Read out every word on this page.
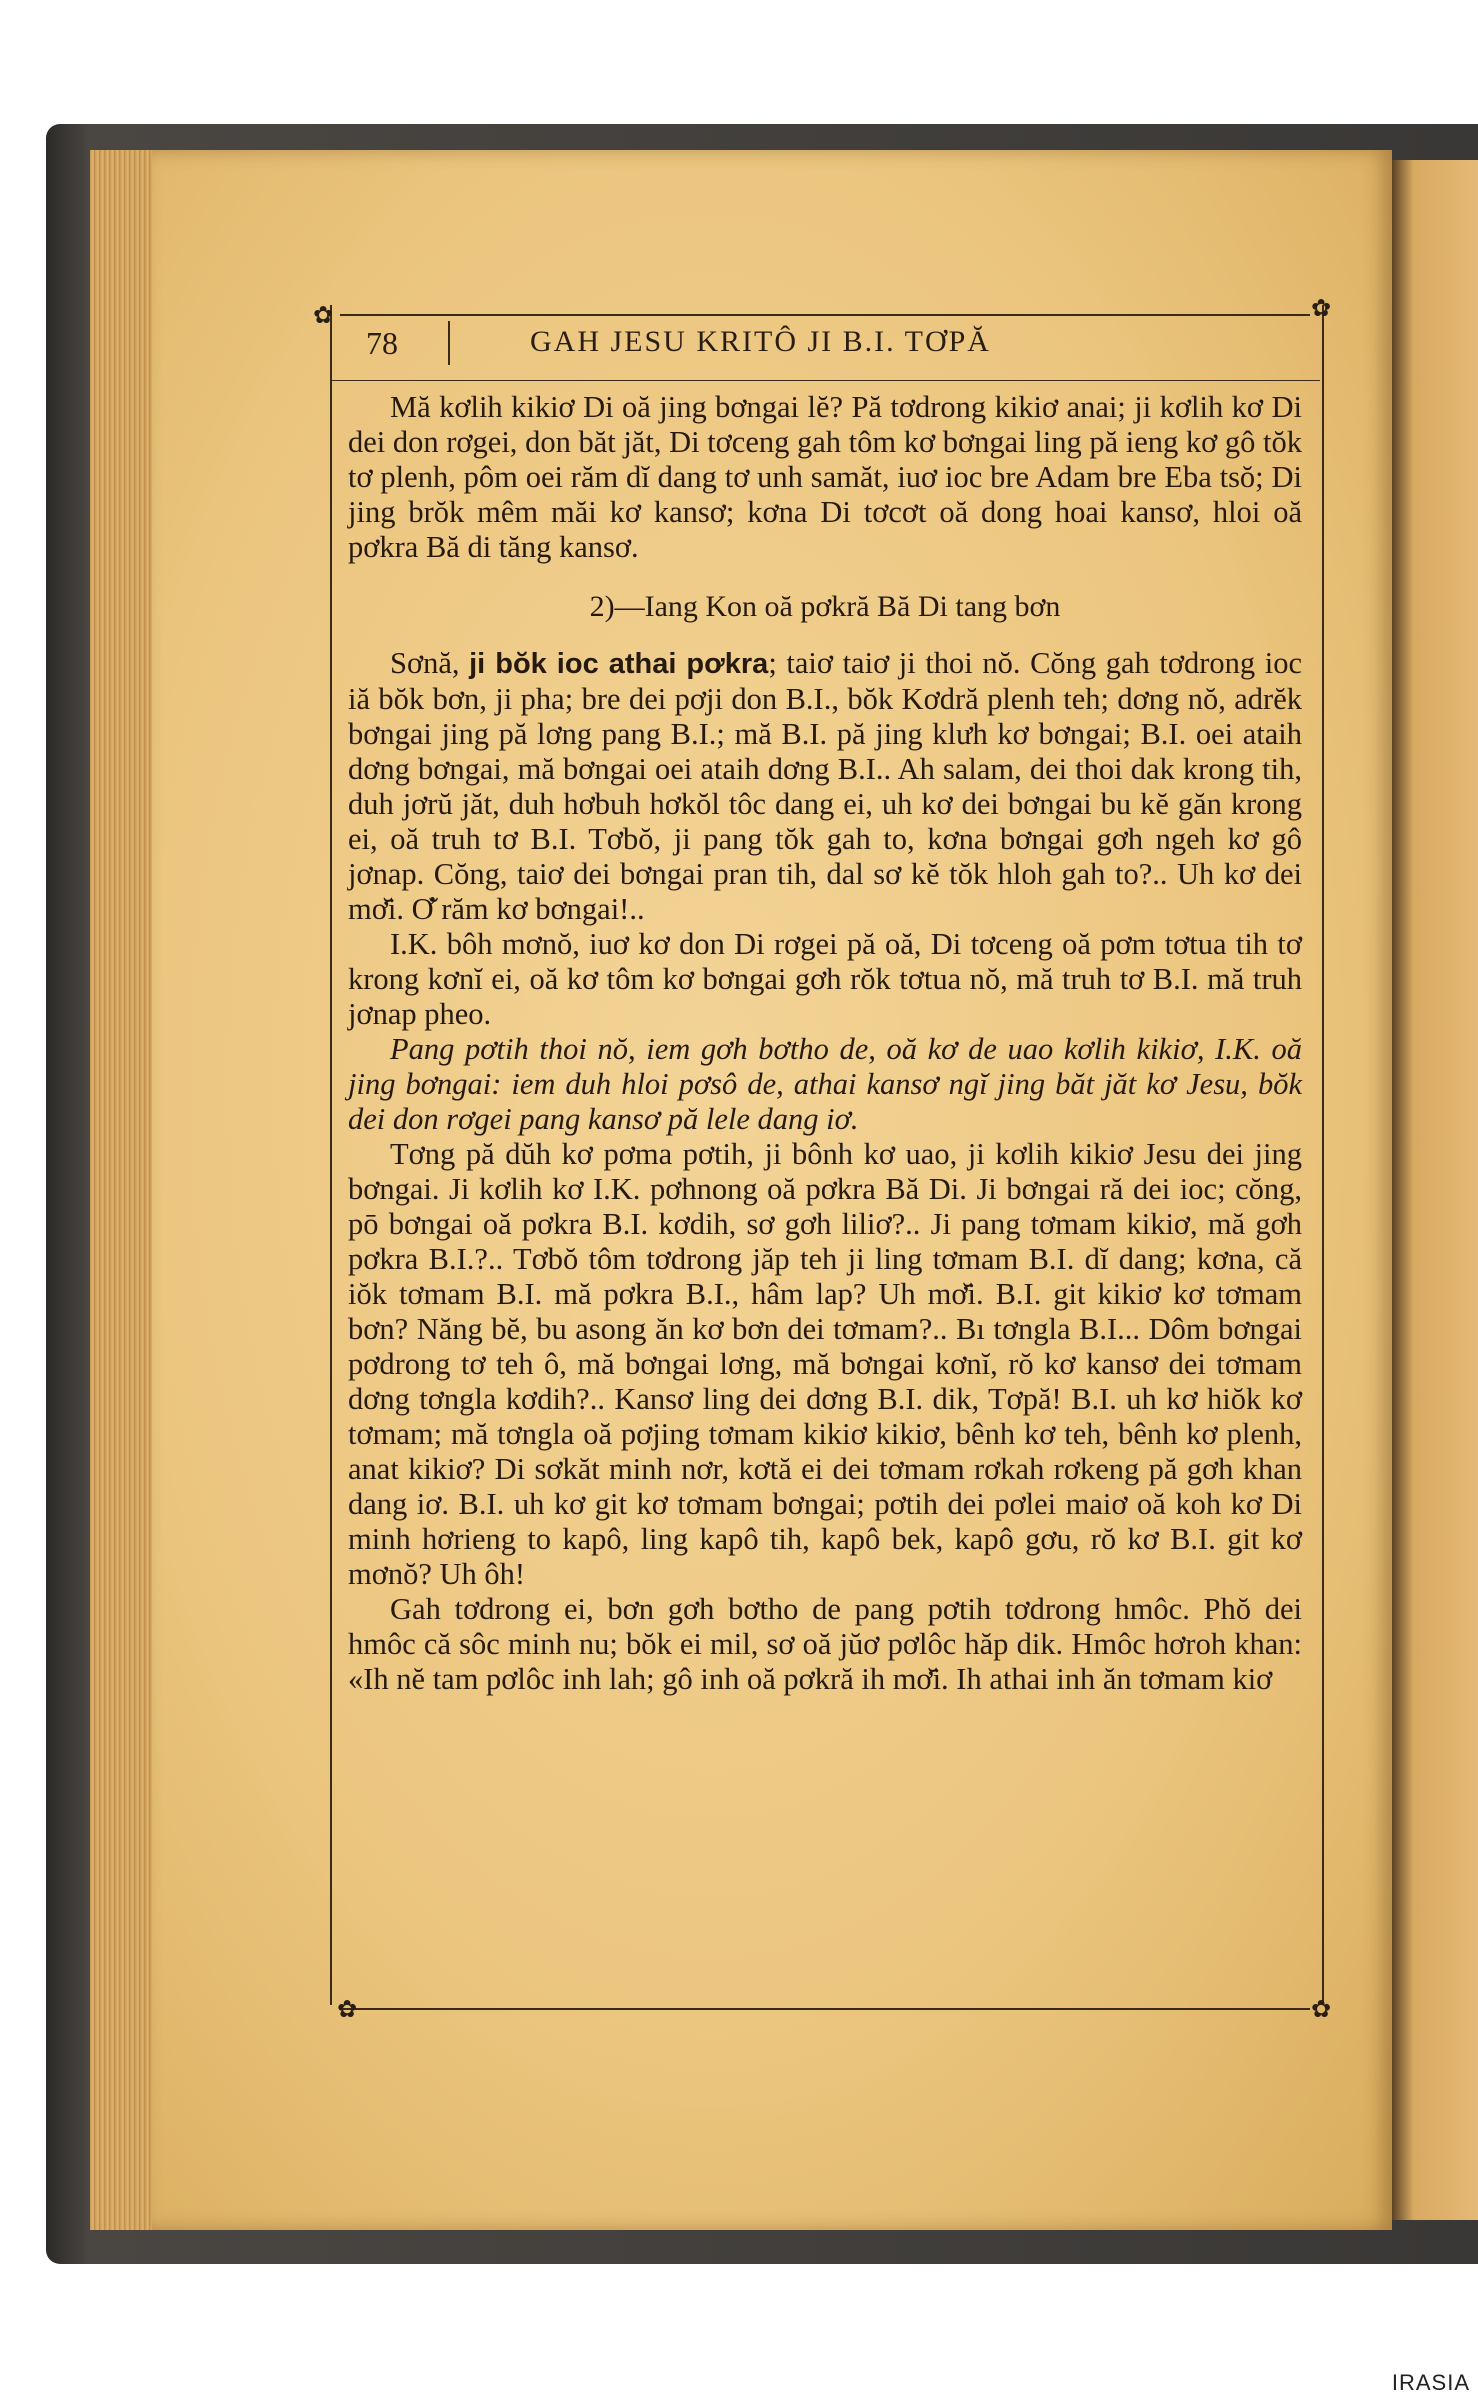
✿	✿
✿	✿
78	GAH JESU KRITÔ JI B.I. TƠPĂ

Mă kơlih kikiơ Di oă jing bơngai lĕ? Pă tơdrong kikiơ anai; ji kơlih kơ Di dei don rơgei, don băt jăt, Di tơceng gah tôm kơ bơngai ling pă ieng kơ gô tŏk tơ plenh, pôm oei răm dĭ dang tơ unh samăt, iuơ ioc bre Adam bre Eba tsŏ; Di jing brŏk mêm măi kơ kansơ; kơna Di tơcơt oă dong hoai kansơ, hloi oă pơkra Bă di tăng kansơ.

2)—Iang Kon oă pơkră Bă Di tang bơn

Sơnă, ji bŏk ioc athai pơkra; taiơ taiơ ji thoi nŏ. Cŏng gah tơdrong ioc iă bŏk bơn, ji pha; bre dei pơji don B.I., bŏk Kơdră plenh teh; dơng nŏ, adrĕk bơngai jing pă lơng pang B.I.; mă B.I. pă jing klưh kơ bơngai; B.I. oei ataih dơng bơngai, mă bơngai oei ataih dơng B.I.. Ah salam, dei thoi dak krong tih, duh jơrŭ jăt, duh hơbuh hơkŏl tôc dang ei, uh kơ dei bơngai bu kĕ găn krong ei, oă truh tơ B.I. Tơbŏ, ji pang tŏk gah to, kơna bơngai gơh ngeh kơ gô jơnap. Cŏng, taiơ dei bơngai pran tih, dal sơ kĕ tŏk hloh gah to?.. Uh kơ dei mơ̆i. Ơ̆ răm kơ bơngai!..

I.K. bôh mơnŏ, iuơ kơ don Di rơgei pă oă, Di tơceng oă pơm tơtua tih tơ krong kơnĭ ei, oă kơ tôm kơ bơngai gơh rŏk tơtua nŏ, mă truh tơ B.I. mă truh jơnap pheo.

Pang pơtih thoi nŏ, iem gơh bơtho de, oă kơ de uao kơlih kikiơ, I.K. oă jing bơngai: iem duh hloi pơsô de, athai kansơ ngĭ jing băt jăt kơ Jesu, bŏk dei don rơgei pang kansơ pă lele dang iơ.

Tơng pă dŭh kơ pơma pơtih, ji bônh kơ uao, ji kơlih kikiơ Jesu dei jing bơngai. Ji kơlih kơ I.K. pơhnong oă pơkra Bă Di. Ji bơngai ră dei ioc; cŏng, pō bơngai oă pơkra B.I. kơdih, sơ gơh liliơ?.. Ji pang tơmam kikiơ, mă gơh pơkra B.I.?.. Tơbŏ tôm tơdrong jăp teh ji ling tơmam B.I. dĭ dang; kơna, că iŏk tơmam B.I. mă pơkra B.I., hâm lap? Uh mơ̆i. B.I. git kikiơ kơ tơmam bơn? Năng bĕ, bu asong ăn kơ bơn dei tơmam?.. Bı tơngla B.I... Dôm bơngai pơdrong tơ teh ô, mă bơngai lơng, mă bơngai kơnĭ, rŏ kơ kansơ dei tơmam dơng tơngla kơdih?.. Kansơ ling dei dơng B.I. dik, Tơpă! B.I. uh kơ hiŏk kơ tơmam; mă tơngla oă pơjing tơmam kikiơ kikiơ, bênh kơ teh, bênh kơ plenh, anat kikiơ? Di sơkăt minh nơr, kơtă ei dei tơmam rơkah rơkeng pă gơh khan dang iơ. B.I. uh kơ git kơ tơmam bơngai; pơtih dei pơlei maiơ oă koh kơ Di minh hơrieng to kapô, ling kapô tih, kapô bek, kapô gơu, rŏ kơ B.I. git kơ mơnŏ? Uh ôh!

Gah tơdrong ei, bơn gơh bơtho de pang pơtih tơdrong hmôc. Phŏ dei hmôc că sôc minh nu; bŏk ei mil, sơ oă jŭơ pơlôc hăp dik. Hmôc hơroh khan: «Ih nĕ tam pơlôc inh lah; gô inh oă pơkră ih mơ̆i. Ih athai inh ăn tơmam kiơ

IRASIA
